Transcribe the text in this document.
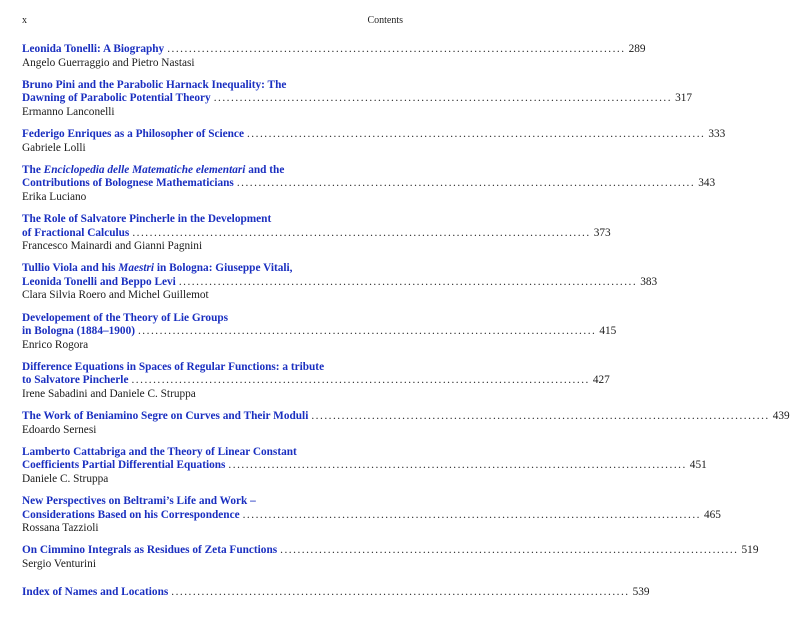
x	Contents
Leonida Tonelli: A Biography .......................................................................................................... 289
Angelo Guerraggio and Pietro Nastasi
Bruno Pini and the Parabolic Harnack Inequality: The
Dawning of Parabolic Potential Theory .......................................................................................................... 317
Ermanno Lanconelli
Federigo Enriques as a Philosopher of Science .......................................................................................................... 333
Gabriele Lolli
The Enciclopedia delle Matematiche elementari and the
Contributions of Bolognese Mathematicians .......................................................................................................... 343
Erika Luciano
The Role of Salvatore Pincherle in the Development
of Fractional Calculus .......................................................................................................... 373
Francesco Mainardi and Gianni Pagnini
Tullio Viola and his Maestri in Bologna: Giuseppe Vitali,
Leonida Tonelli and Beppo Levi .......................................................................................................... 383
Clara Silvia Roero and Michel Guillemot
Developement of the Theory of Lie Groups
in Bologna (1884–1900) .......................................................................................................... 415
Enrico Rogora
Difference Equations in Spaces of Regular Functions: a tribute
to Salvatore Pincherle .......................................................................................................... 427
Irene Sabadini and Daniele C. Struppa
The Work of Beniamino Segre on Curves and Their Moduli .......................................................................................................... 439
Edoardo Sernesi
Lamberto Cattabriga and the Theory of Linear Constant
Coefficients Partial Differential Equations .......................................................................................................... 451
Daniele C. Struppa
New Perspectives on Beltrami’s Life and Work –
Considerations Based on his Correspondence .......................................................................................................... 465
Rossana Tazzioli
On Cimmino Integrals as Residues of Zeta Functions .......................................................................................................... 519
Sergio Venturini
Index of Names and Locations .......................................................................................................... 539
